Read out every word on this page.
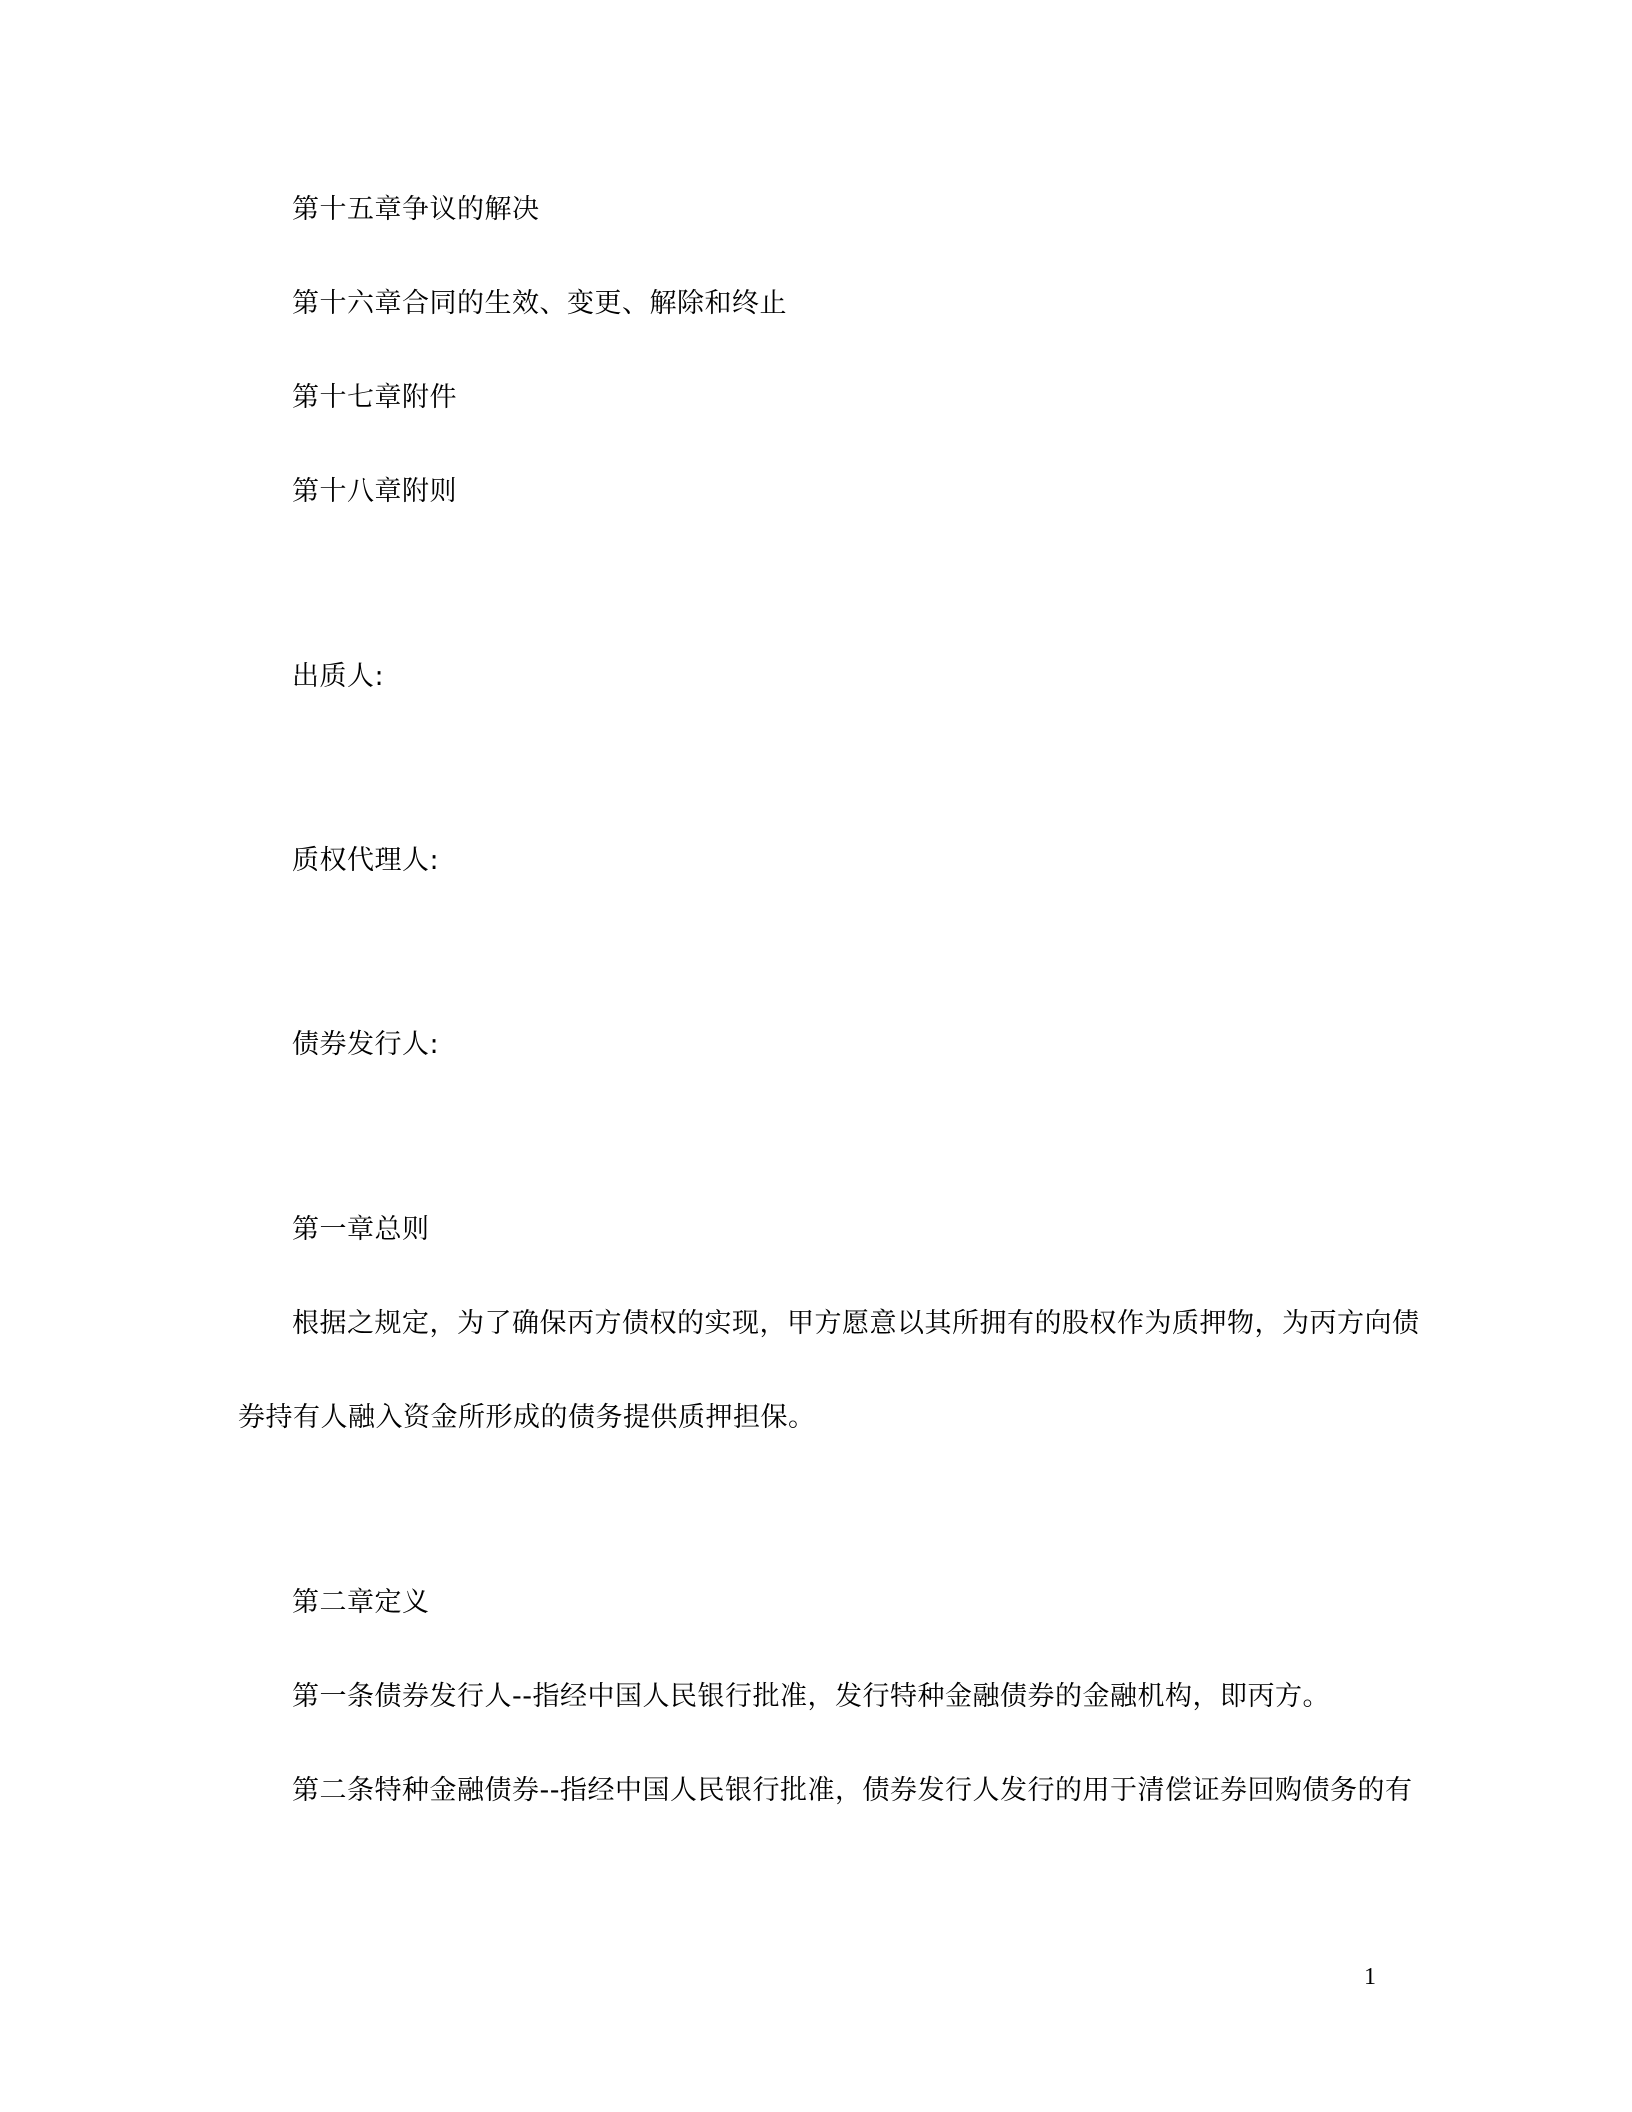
第十五章争议的解决
第十六章合同的生效、变更、解除和终止
第十七章附件
第十八章附则
出质人:
质权代理人:
债券发行人:
第一章总则
根据之规定，为了确保丙方债权的实现，甲方愿意以其所拥有的股权作为质押物，为丙方向债
券持有人融入资金所形成的债务提供质押担保。
第二章定义
第一条债券发行人--指经中国人民银行批准，发行特种金融债券的金融机构，即丙方。
第二条特种金融债券--指经中国人民银行批准，债券发行人发行的用于清偿证券回购债务的有
1
